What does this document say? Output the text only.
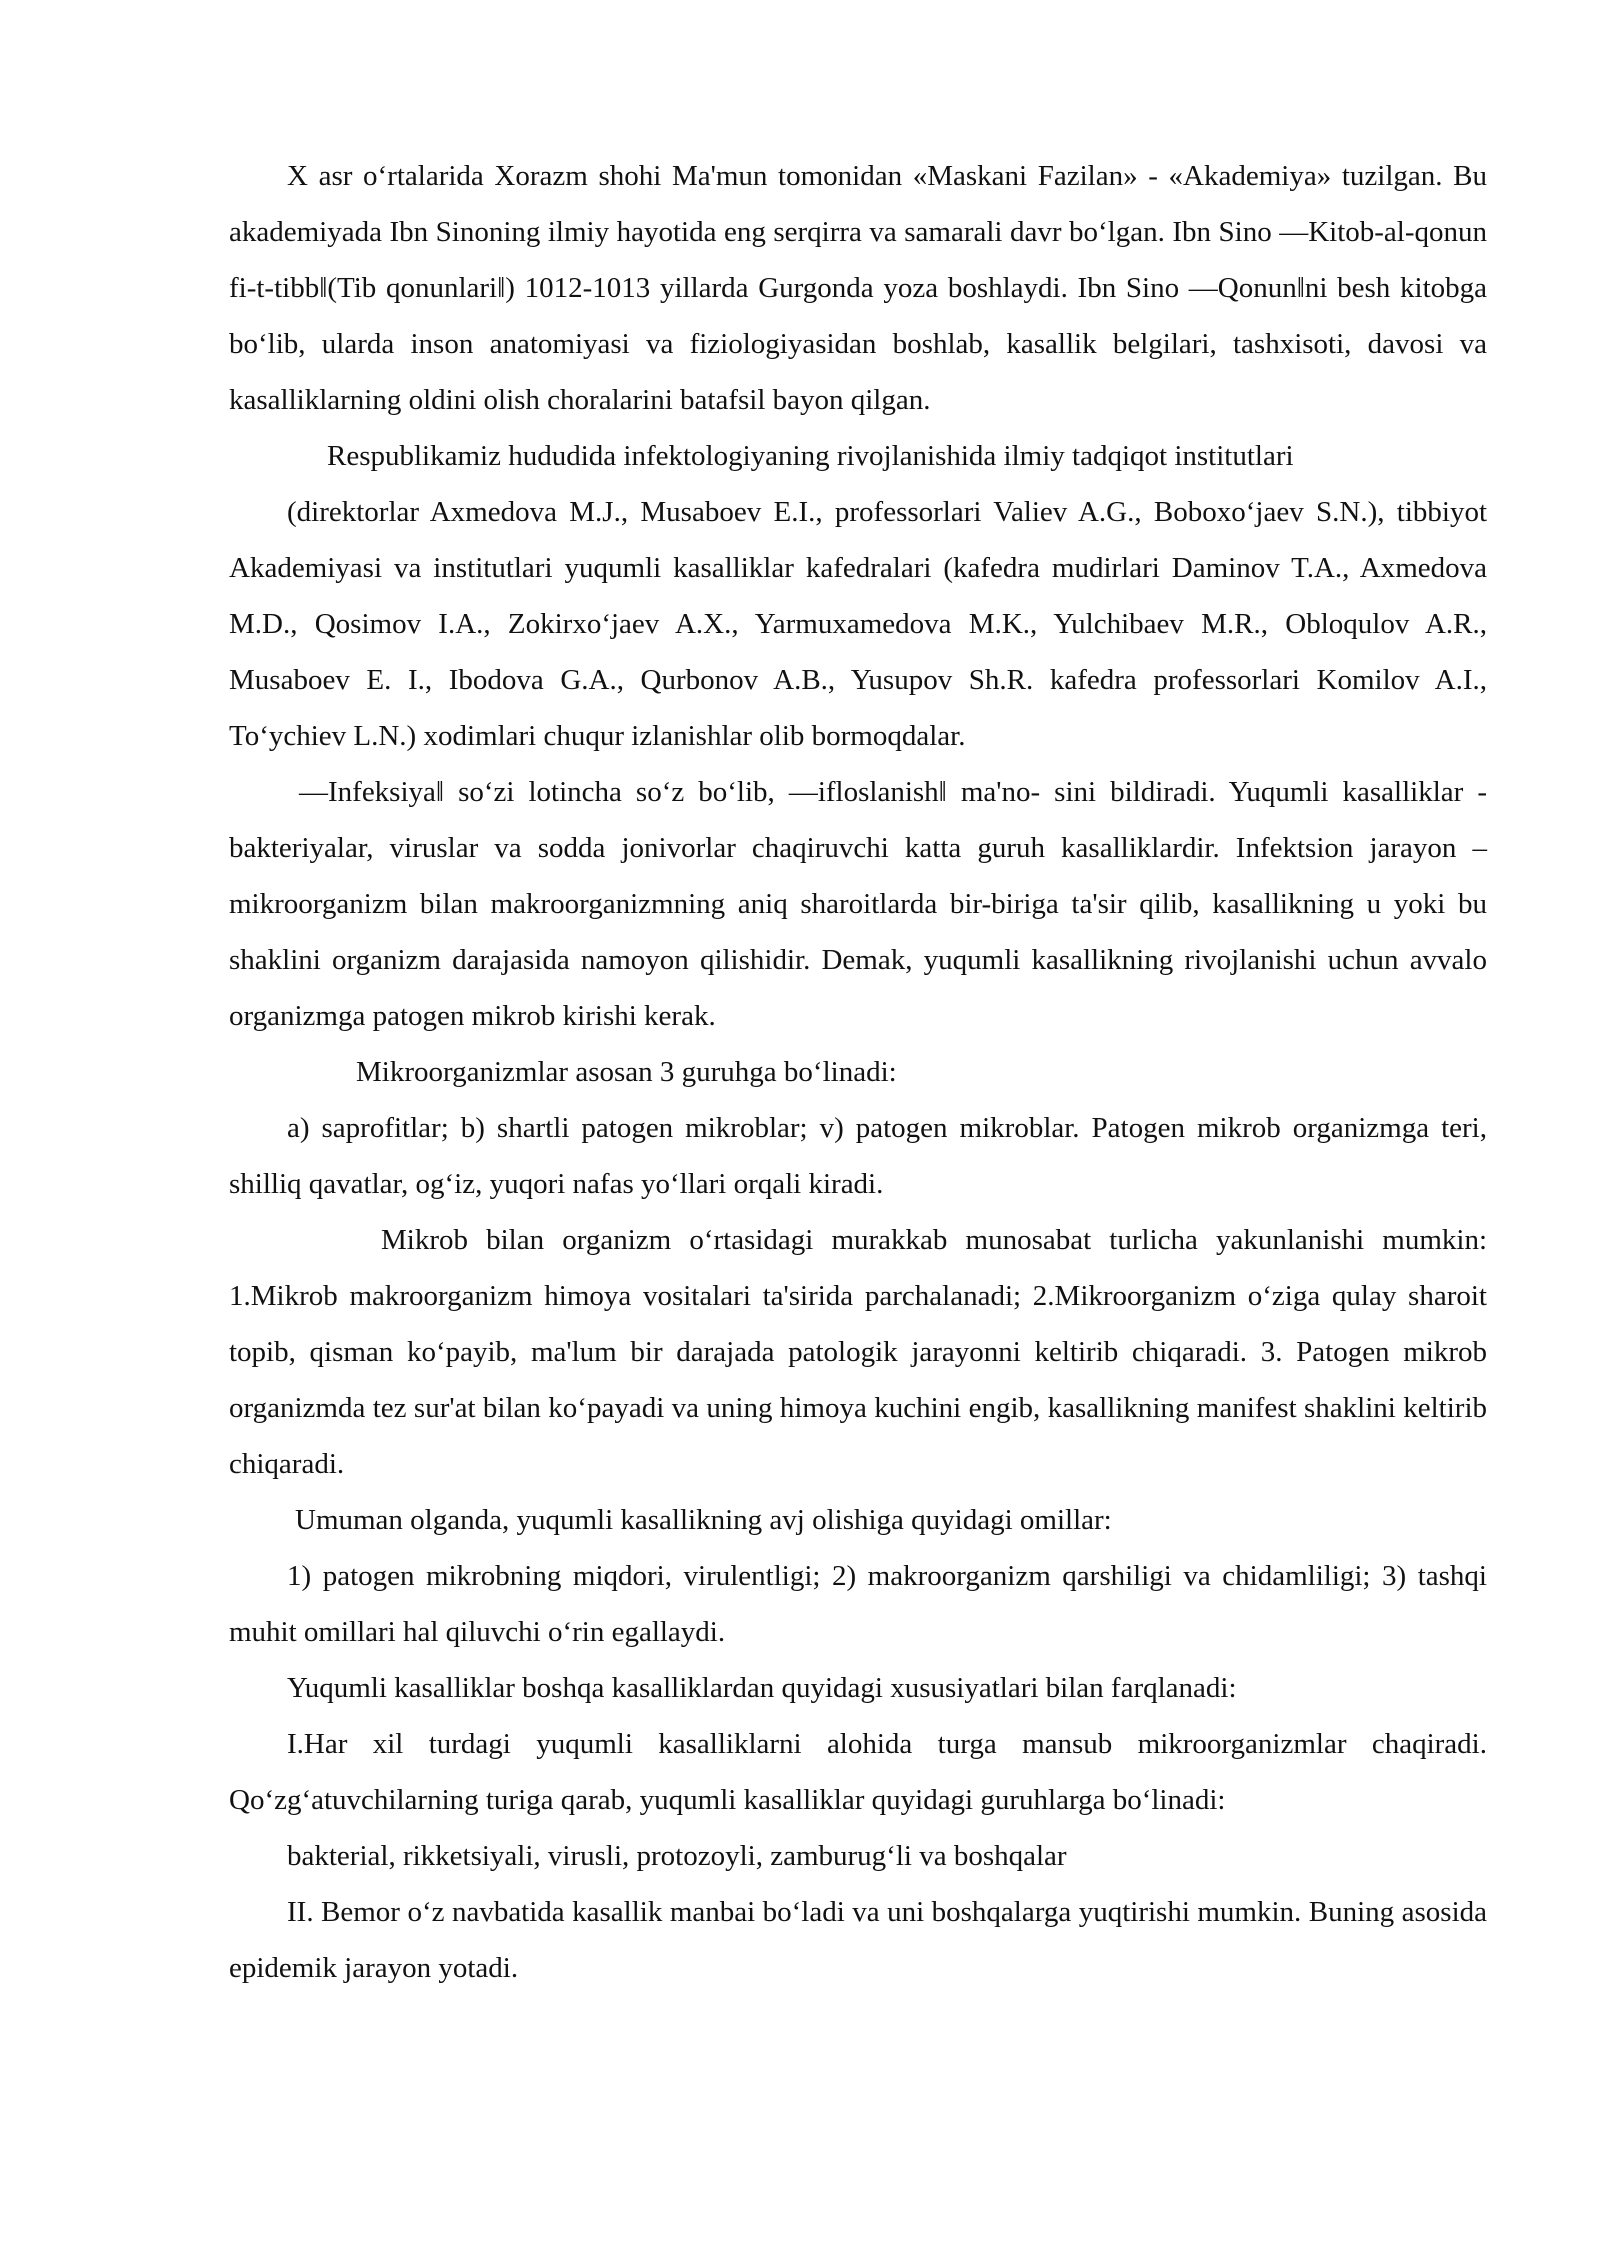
X asr o‘rtalarida Xorazm shohi Ma'mun tomonidan «Maskani Fazilan» - «Akademiya» tuzilgan. Bu akademiyada Ibn Sinoning ilmiy hayotida eng serqirra va samarali davr bo‘lgan. Ibn Sino ―Kitob-al-qonun fi-t-tibb‖(Tib qonunlari‖) 1012-1013 yillarda Gurgonda yoza boshlaydi. Ibn Sino ―Qonun‖ni besh kitobga bo‘lib, ularda inson anatomiyasi va fiziologiyasidan boshlab, kasallik belgilari, tashxisoti, davosi va kasalliklarning oldini olish choralarini batafsil bayon qilgan.

Respublikamiz hududida infektologiyaning rivojlanishida ilmiy tadqiqot institutlari

(direktorlar Axmedova M.J., Musaboev E.I., professorlari Valiev A.G., Boboxo‘jaev S.N.), tibbiyot Akademiyasi va institutlari yuqumli kasalliklar kafedralari (kafedra mudirlari Daminov T.A., Axmedova M.D., Qosimov I.A., Zokirxo‘jaev A.X., Yarmuxamedova M.K., Yulchibaev M.R., Obloqulov A.R., Musaboev E. I., Ibodova G.A., Qurbonov A.B., Yusupov Sh.R. kafedra professorlari Komilov A.I., To‘ychiev L.N.) xodimlari chuqur izlanishlar olib bormoqdalar.

―Infeksiya‖ so‘zi lotincha so‘z bo‘lib, ―ifloslanish‖ ma'no- sini bildiradi. Yuqumli kasalliklar - bakteriyalar, viruslar va sodda jonivorlar chaqiruvchi katta guruh kasalliklardir. Infektsion jarayon – mikroorganizm bilan makroorganizmning aniq sharoitlarda bir-biriga ta'sir qilib, kasallikning u yoki bu shaklini organizm darajasida namoyon qilishidir. Demak, yuqumli kasallikning rivojlanishi uchun avvalo organizmga patogen mikrob kirishi kerak.

Mikroorganizmlar asosan 3 guruhga bo‘linadi:

a) saprofitlar; b) shartli patogen mikroblar; v) patogen mikroblar. Patogen mikrob organizmga teri, shilliq qavatlar, og‘iz, yuqori nafas yo‘llari orqali kiradi.

Mikrob bilan organizm o‘rtasidagi murakkab munosabat turlicha yakunlanishi mumkin: 1.Mikrob makroorganizm himoya vositalari ta'sirida parchalanadi; 2.Mikroorganizm o‘ziga qulay sharoit topib, qisman ko‘payib, ma'lum bir darajada patologik jarayonni keltirib chiqaradi. 3. Patogen mikrob organizmda tez sur'at bilan ko‘payadi va uning himoya kuchini engib, kasallikning manifest shaklini keltirib chiqaradi.

Umuman olganda, yuqumli kasallikning avj olishiga quyidagi omillar:

1) patogen mikrobning miqdori, virulentligi; 2) makroorganizm qarshiligi va chidamliligi; 3) tashqi muhit omillari hal qiluvchi o‘rin egallaydi.

Yuqumli kasalliklar boshqa kasalliklardan quyidagi xususiyatlari bilan farqlanadi:

I.Har xil turdagi yuqumli kasalliklarni alohida turga mansub mikroorganizmlar chaqiradi. Qo‘zg‘atuvchilarning turiga qarab, yuqumli kasalliklar quyidagi guruhlarga bo‘linadi:

bakterial, rikketsiyali, virusli, protozoyli, zamburug‘li va boshqalar

II. Bemor o‘z navbatida kasallik manbai bo‘ladi va uni boshqalarga yuqtirishi mumkin. Buning asosida epidemik jarayon yotadi.
